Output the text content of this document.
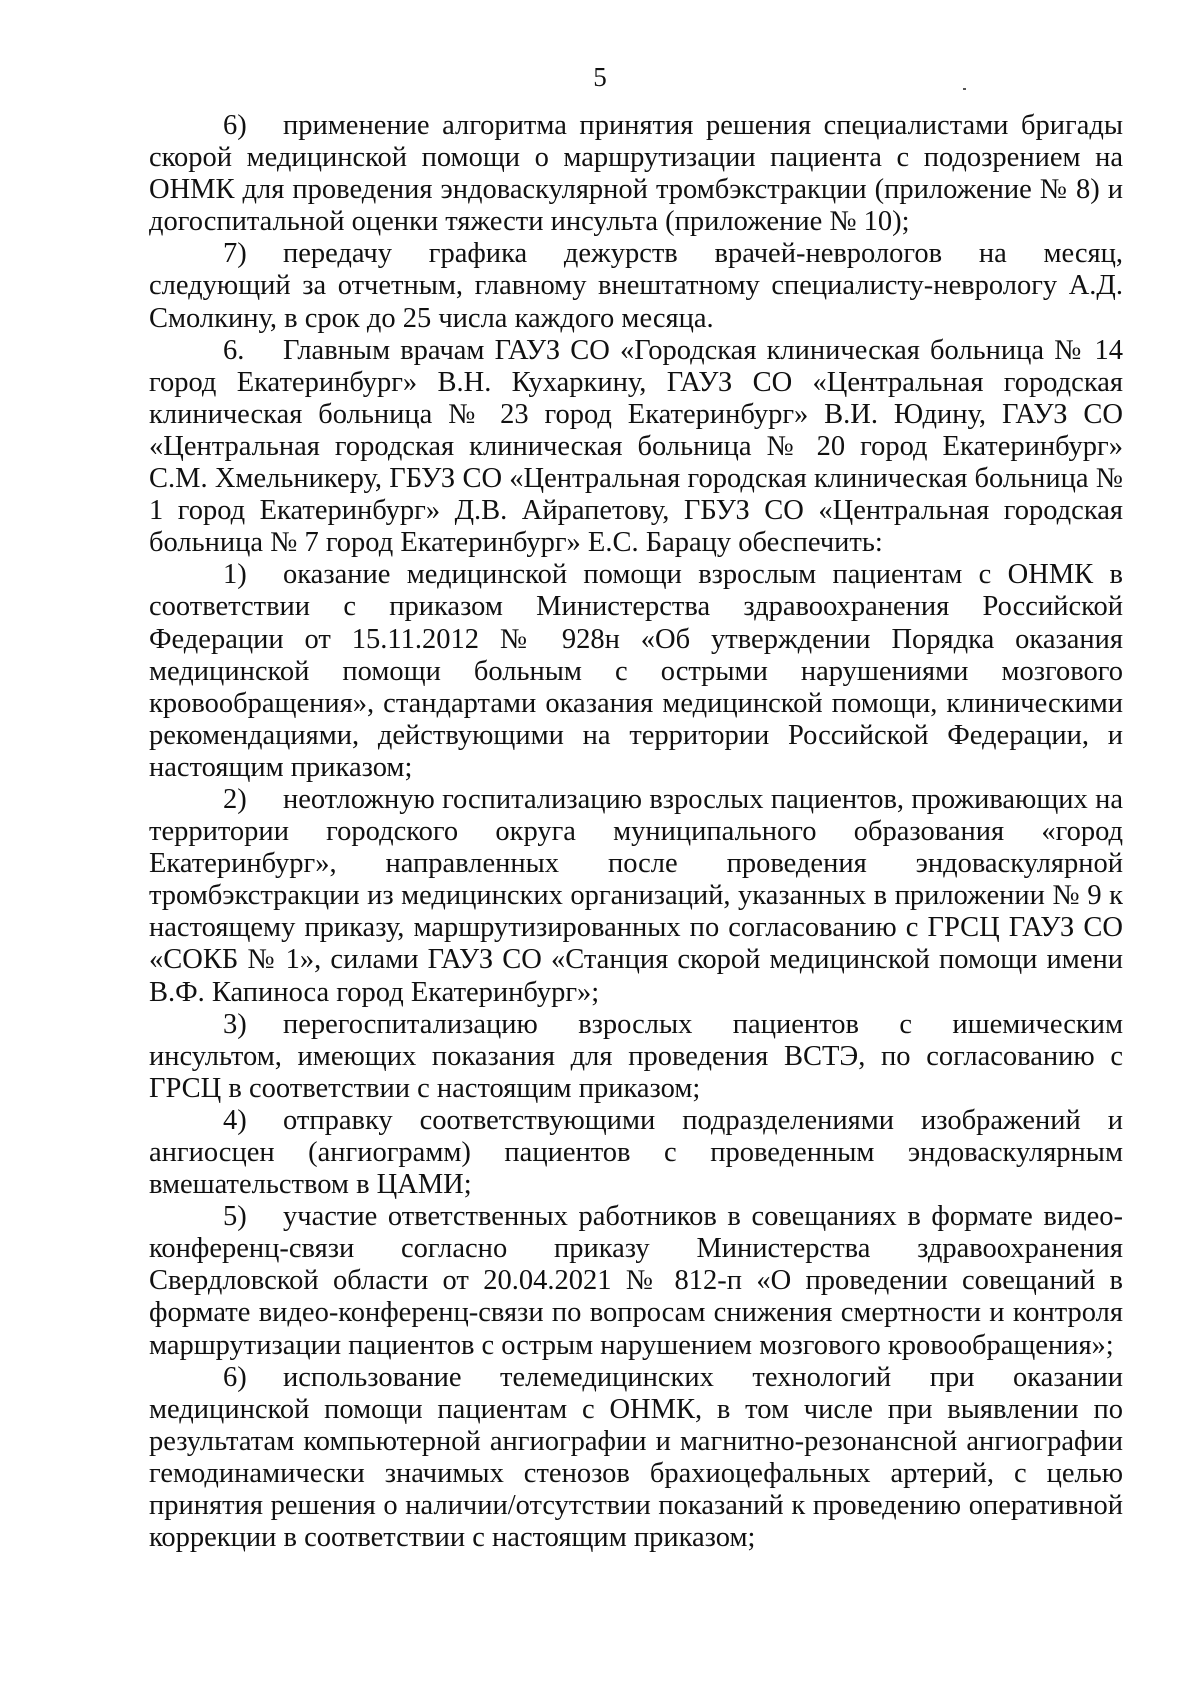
5

6) применение алгоритма принятия решения специалистами бригады скорой медицинской помощи о маршрутизации пациента с подозрением на ОНМК для проведения эндоваскулярной тромбэкстракции (приложение № 8) и догоспитальной оценки тяжести инсульта (приложение № 10);

7) передачу графика дежурств врачей-неврологов на месяц, следующий за отчетным, главному внештатному специалисту-неврологу А.Д. Смолкину, в срок до 25 числа каждого месяца.

6. Главным врачам ГАУЗ СО «Городская клиническая больница № 14 город Екатеринбург» В.Н. Кухаркину, ГАУЗ СО «Центральная городская клиническая больница № 23 город Екатеринбург» В.И. Юдину, ГАУЗ СО «Центральная городская клиническая больница № 20 город Екатеринбург» С.М. Хмельникеру, ГБУЗ СО «Центральная городская клиническая больница № 1 город Екатеринбург» Д.В. Айрапетову, ГБУЗ СО «Центральная городская больница № 7 город Екатеринбург» Е.С. Барацу обеспечить:

1) оказание медицинской помощи взрослым пациентам с ОНМК в соответствии с приказом Министерства здравоохранения Российской Федерации от 15.11.2012 № 928н «Об утверждении Порядка оказания медицинской помощи больным с острыми нарушениями мозгового кровообращения», стандартами оказания медицинской помощи, клиническими рекомендациями, действующими на территории Российской Федерации, и настоящим приказом;

2) неотложную госпитализацию взрослых пациентов, проживающих на территории городского округа муниципального образования «город Екатеринбург», направленных после проведения эндоваскулярной тромбэкстракции из медицинских организаций, указанных в приложении № 9 к настоящему приказу, маршрутизированных по согласованию с ГРСЦ ГАУЗ СО «СОКБ № 1», силами ГАУЗ СО «Станция скорой медицинской помощи имени В.Ф. Капиноса город Екатеринбург»;

3) перегоспитализацию взрослых пациентов с ишемическим инсультом, имеющих показания для проведения ВСТЭ, по согласованию с ГРСЦ в соответствии с настоящим приказом;

4) отправку соответствующими подразделениями изображений и ангиосцен (ангиограмм) пациентов с проведенным эндоваскулярным вмешательством в ЦАМИ;

5) участие ответственных работников в совещаниях в формате видео-конференц-связи согласно приказу Министерства здравоохранения Свердловской области от 20.04.2021 № 812-п «О проведении совещаний в формате видео-конференц-связи по вопросам снижения смертности и контроля маршрутизации пациентов с острым нарушением мозгового кровообращения»;

6) использование телемедицинских технологий при оказании медицинской помощи пациентам с ОНМК, в том числе при выявлении по результатам компьютерной ангиографии и магнитно-резонансной ангиографии гемодинамически значимых стенозов брахиоцефальных артерий, с целью принятия решения о наличии/отсутствии показаний к проведению оперативной коррекции в соответствии с настоящим приказом;
